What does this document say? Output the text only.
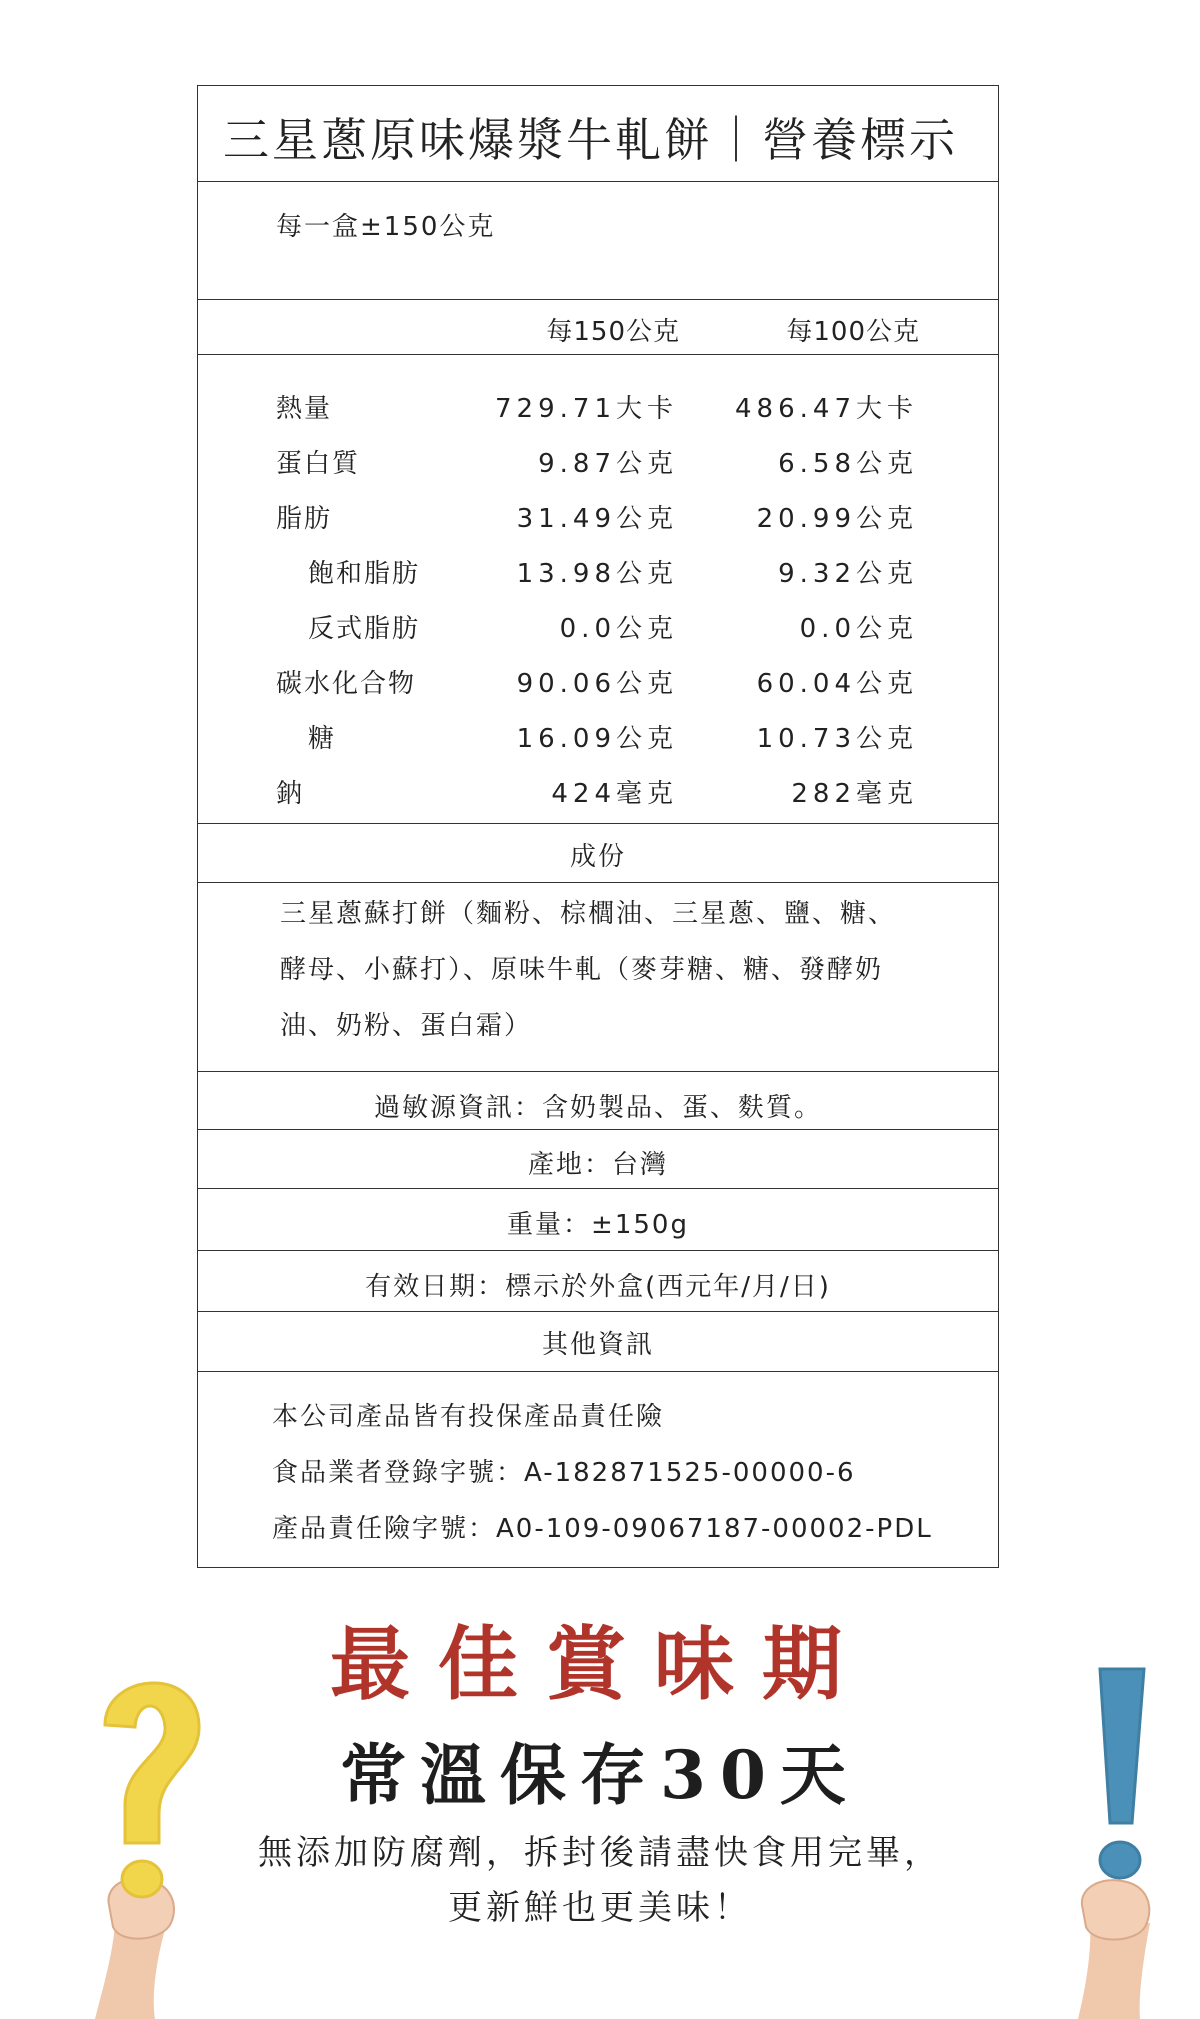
三星蔥原味爆漿牛軋餅｜營養標示
每一盒±150公克
每150公克	每100公克
熱量	729.71大卡 486.47大卡
蛋白質	9.87公克	6.58公克
脂肪	31.49公克	20.99公克
飽和脂肪	13.98公克	9.32公克
反式脂肪	0.0公克	0.0公克
碳水化合物	90.06公克	60.04公克
糖	16.09公克	10.73公克
鈉	424毫克	282毫克
成份
三星蔥蘇打餅（麵粉、棕櫚油、三星蔥、鹽、糖、
酵母、小蘇打）、原味牛軋（麥芽糖、糖、發酵奶
油、奶粉、蛋白霜）
過敏源資訊：含奶製品、蛋、麩質。
產地：台灣
重量：±150g
有效日期：標示於外盒(西元年/月/日)
其他資訊
本公司產品皆有投保產品責任險
食品業者登錄字號：A-182871525-00000-6
產品責任險字號：A0-109-09067187-00002-PDL
最佳賞味期
常溫保存30天
無添加防腐劑，拆封後請盡快食用完畢，
更新鮮也更美味！
